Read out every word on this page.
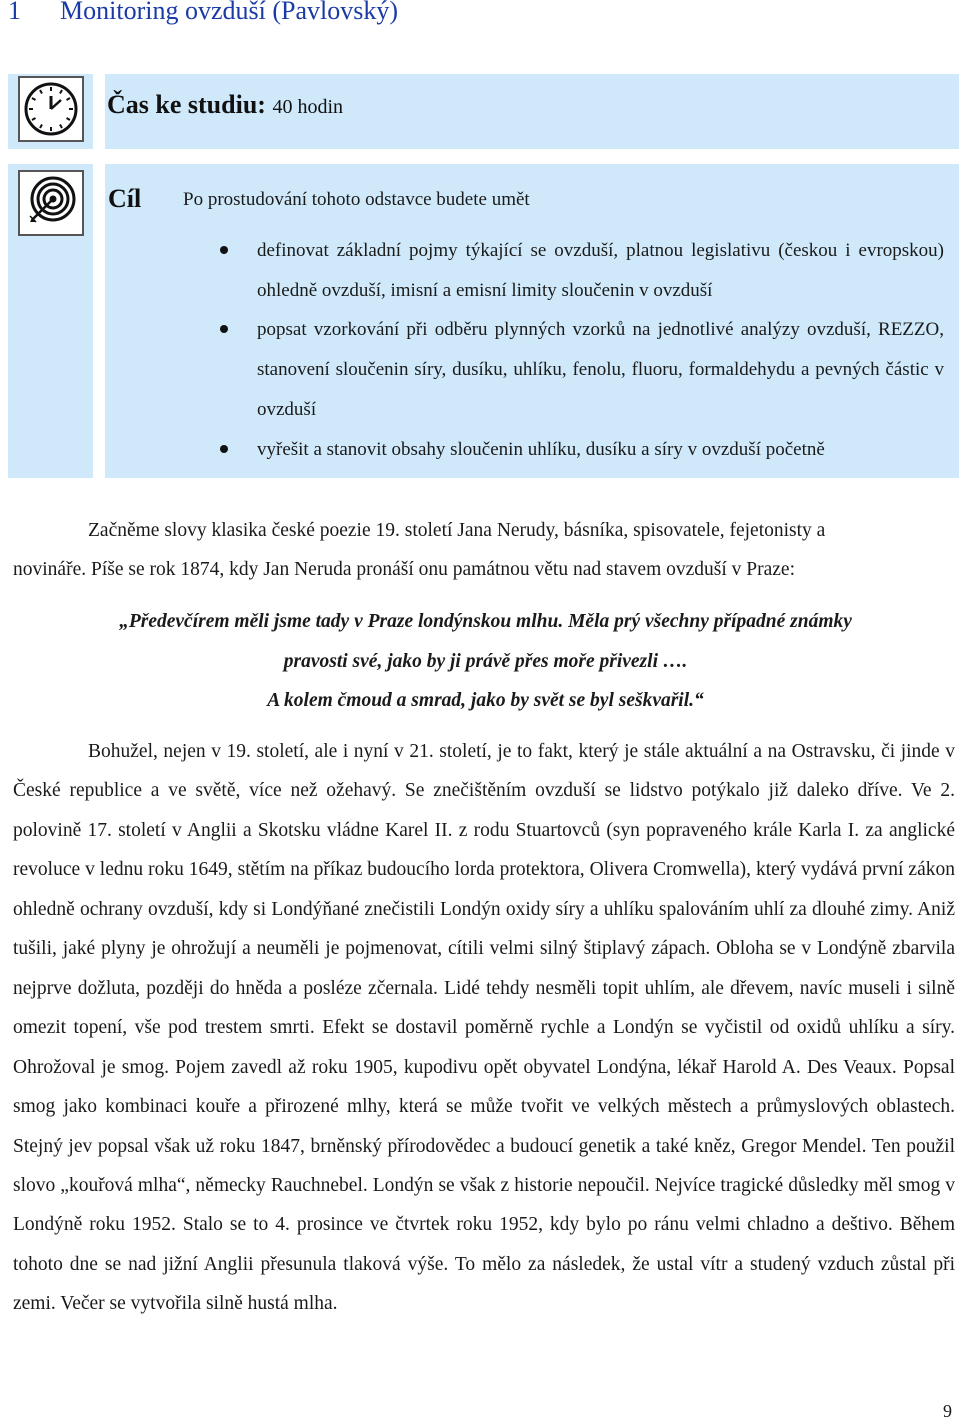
1 Monitoring ovzduší (Pavlovský)
Čas ke studiu: 40 hodin
Cíl Po prostudování tohoto odstavce budete umět
definovat základní pojmy týkající se ovzduší, platnou legislativu (českou i evropskou) ohledně ovzduší, imisní a emisní limity sloučenin v ovzduší
popsat vzorkování při odběru plynných vzorků na jednotlivé analýzy ovzduší, REZZO, stanovení sloučenin síry, dusíku, uhlíku, fenolu, fluoru, formaldehydu a pevných částic v ovzduší
vyřešit a stanovit obsahy sloučenin uhlíku, dusíku a síry v ovzduší početně
Začněme slovy klasika české poezie 19. století Jana Nerudy, básníka, spisovatele, fejetonisty a
novináře. Píše se rok 1874, kdy Jan Neruda pronáší onu památnou větu nad stavem ovzduší v Praze:
„Předevčírem měli jsme tady v Praze londýnskou mlhu. Měla prý všechny případné známky
pravosti své, jako by ji právě přes moře přivezli ….
A kolem čmoud a smrad, jako by svět se byl seškvařil.“
Bohužel, nejen v 19. století, ale i nyní v 21. století, je to fakt, který je stále aktuální a na Ostravsku, či jinde v České republice a ve světě, více než ožehavý. Se znečištěním ovzduší se lidstvo potýkalo již daleko dříve. Ve 2. polovině 17. století v Anglii a Skotsku vládne Karel II. z rodu Stuartovců (syn popraveného krále Karla I. za anglické revoluce v lednu roku 1649, stětím na příkaz budoucího lorda protektora, Olivera Cromwella), který vydává první zákon ohledně ochrany ovzduší, kdy si Londýňané znečistili Londýn oxidy síry a uhlíku spalováním uhlí za dlouhé zimy. Aniž tušili, jaké plyny je ohrožují a neuměli je pojmenovat, cítili velmi silný štiplavý zápach. Obloha se v Londýně zbarvila nejprve dožluta, později do hněda a posléze zčernala. Lidé tehdy nesměli topit uhlím, ale dřevem, navíc museli i silně omezit topení, vše pod trestem smrti. Efekt se dostavil poměrně rychle a Londýn se vyčistil od oxidů uhlíku a síry. Ohrožoval je smog. Pojem zavedl až roku 1905, kupodivu opět obyvatel Londýna, lékař Harold A. Des Veaux. Popsal smog jako kombinaci kouře a přirozené mlhy, která se může tvořit ve velkých městech a průmyslových oblastech. Stejný jev popsal však už roku 1847, brněnský přírodovědec a budoucí genetik a také kněz, Gregor Mendel. Ten použil slovo „kouřová mlha“, německy Rauchnebel. Londýn se však z historie nepoučil. Nejvíce tragické důsledky měl smog v Londýně roku 1952. Stalo se to 4. prosince ve čtvrtek roku 1952, kdy bylo po ránu velmi chladno a deštivo. Během tohoto dne se nad jižní Anglii přesunula tlaková výše. To mělo za následek, že ustal vítr a studený vzduch zůstal při zemi. Večer se vytvořila silně hustá mlha.
9
